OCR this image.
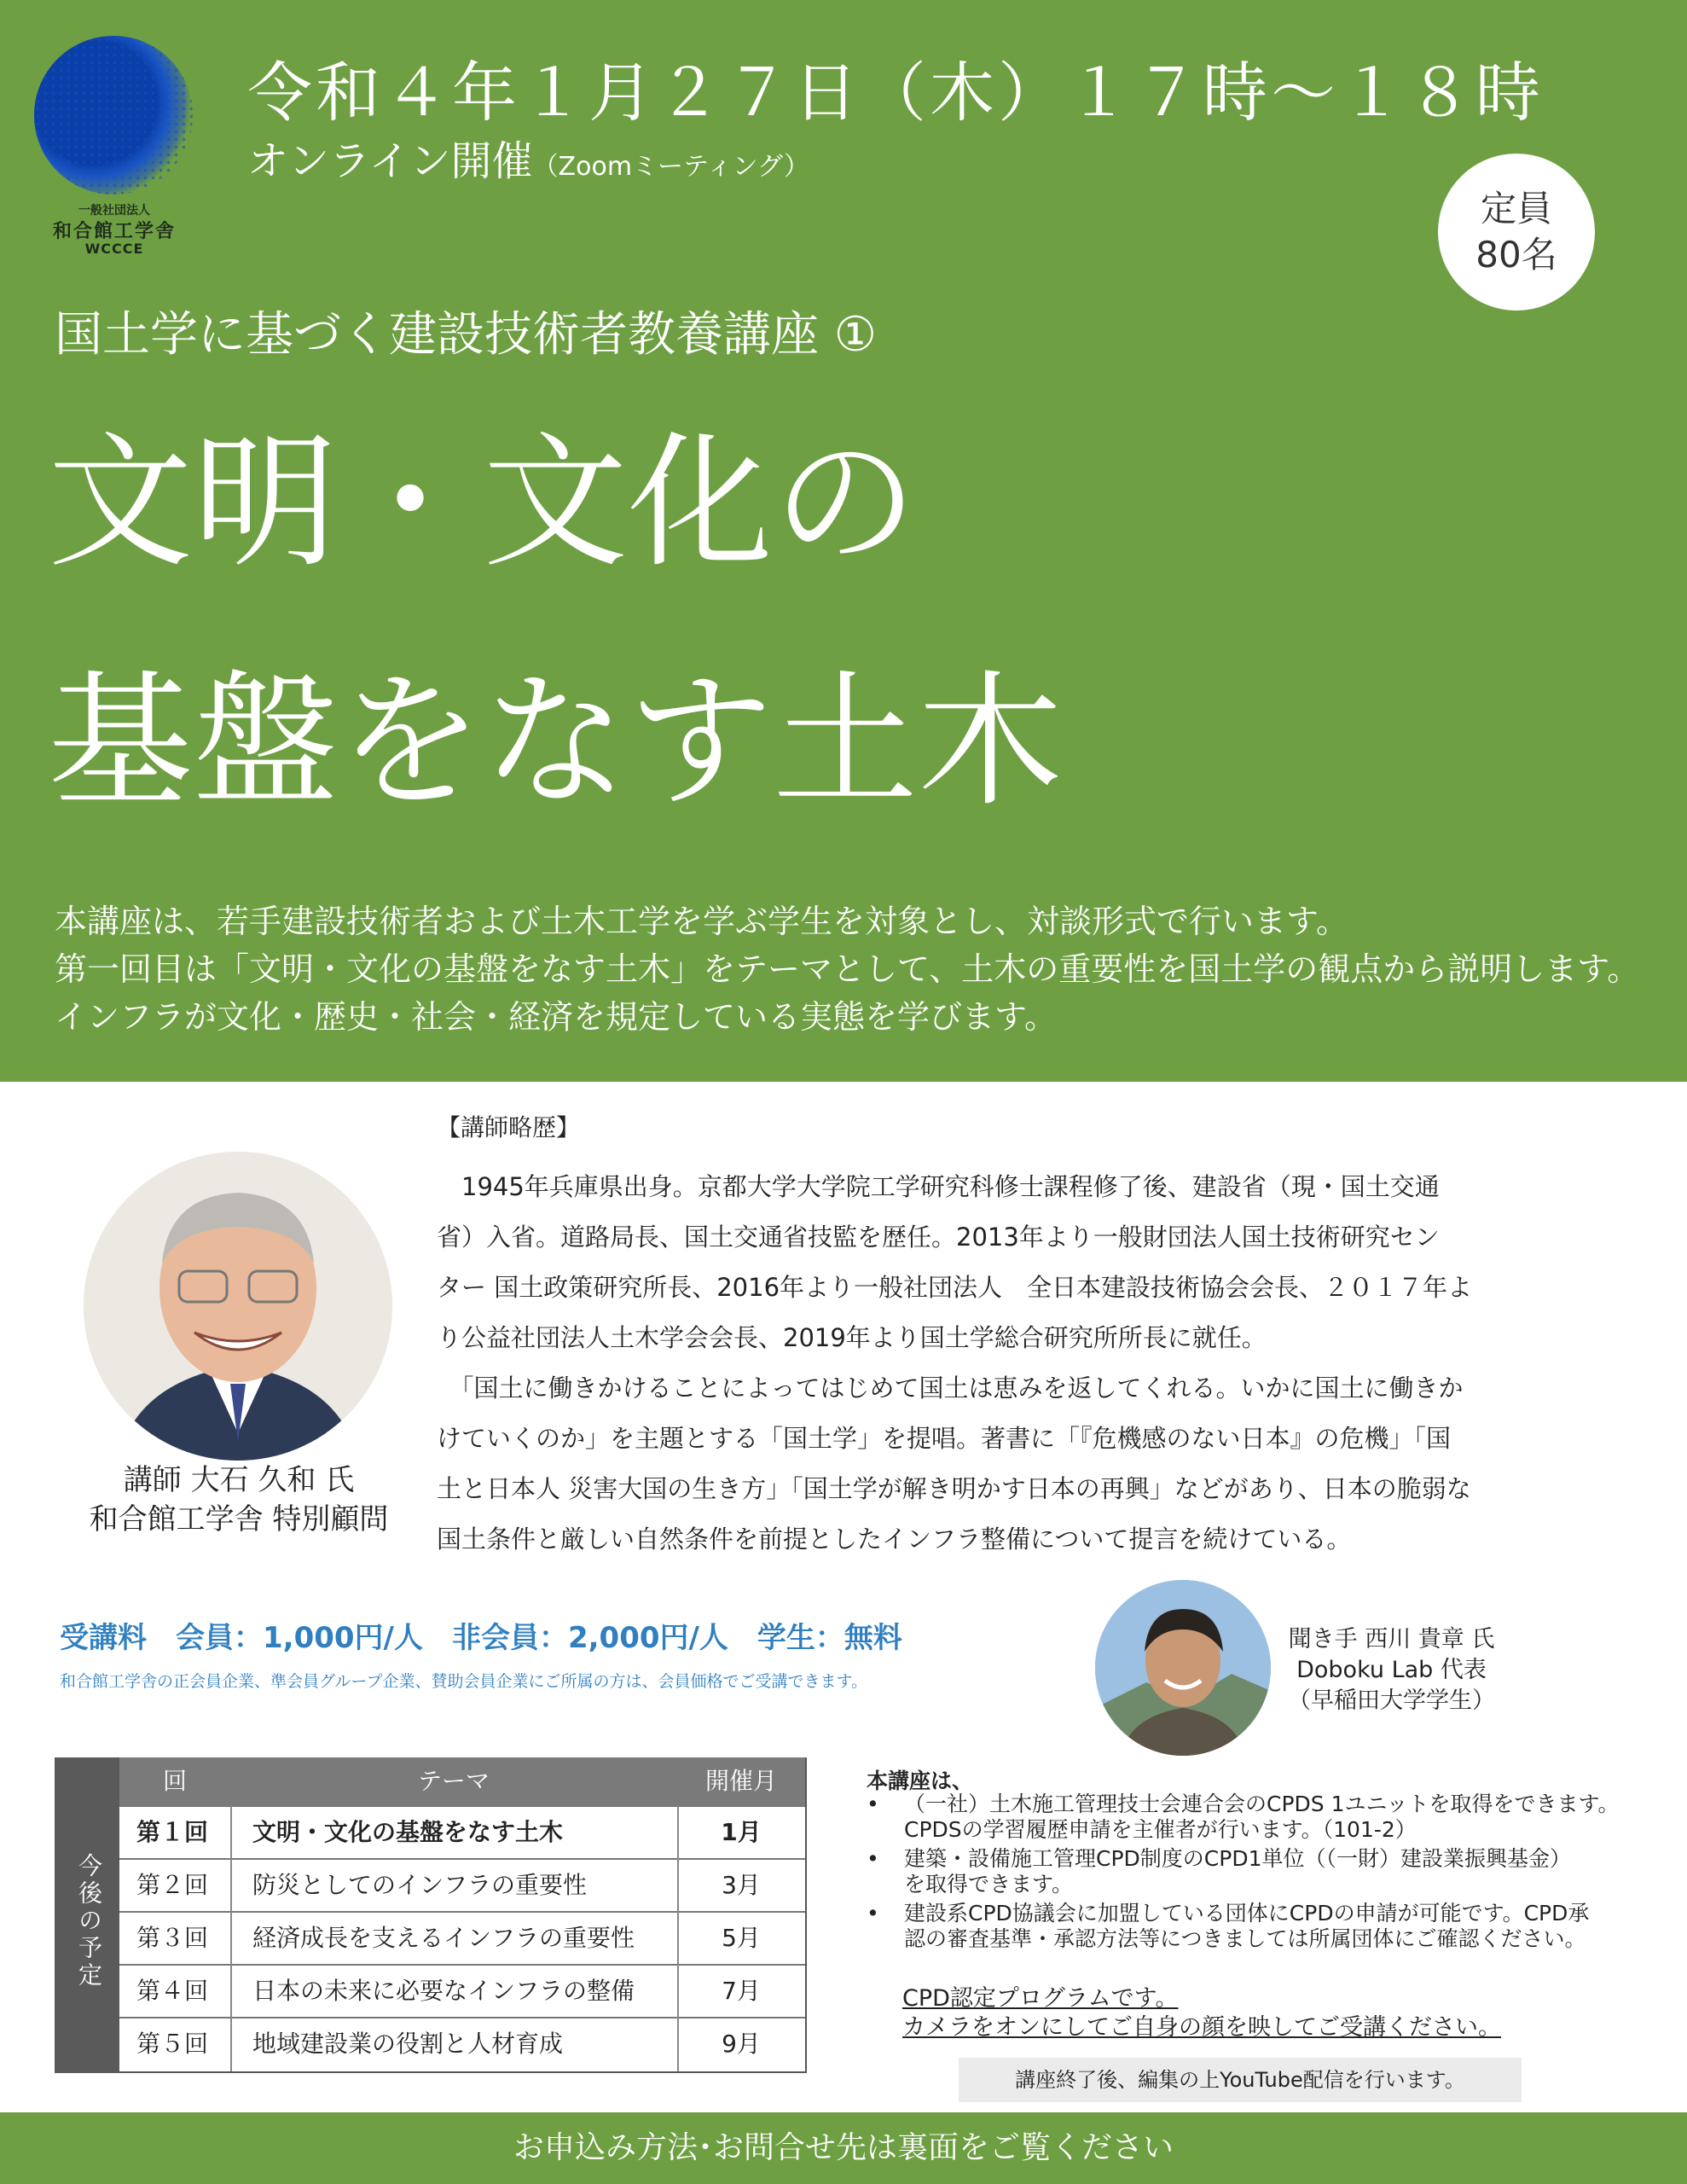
一般社団法人
和合館工学舎
WCCCE
令和４年１月２７日（木）１７時〜１８時
オンライン開催（Zoomミーティング）
定員
80名
国土学に基づく建設技術者教養講座 ①
文明・文化の
基盤をなす土木
本講座は、若手建設技術者および土木工学を学ぶ学生を対象とし、対談形式で行います。
第一回目は「文明・文化の基盤をなす土木」をテーマとして、土木の重要性を国土学の観点から説明します。
インフラが文化・歴史・社会・経済を規定している実態を学びます。
講師 大石 久和 氏
和合館工学舎 特別顧問
【講師略歴】
　1945年兵庫県出身。京都大学大学院工学研究科修士課程修了後、建設省（現・国土交通
省）入省。道路局長、国土交通省技監を歴任。2013年より一般財団法人国土技術研究セン
ター 国土政策研究所長、2016年より一般社団法人　全日本建設技術協会会長、２０１７年よ
り公益社団法人土木学会会長、2019年より国土学総合研究所所長に就任。
　「国土に働きかけることによってはじめて国土は恵みを返してくれる。いかに国土に働きか
けていくのか」を主題とする「国土学」を提唱。著書に「『危機感のない日本』の危機」「国
土と日本人 災害大国の生き方」「国土学が解き明かす日本の再興」などがあり、日本の脆弱な
国土条件と厳しい自然条件を前提としたインフラ整備について提言を続けている。
受講料　会員：1,000円/人　非会員：2,000円/人　学生：無料
和合館工学舎の正会員企業、準会員グループ企業、賛助会員企業にご所属の方は、会員価格でご受講できます。
聞き手 西川 貴章 氏
Doboku Lab 代表
（早稲田大学学生）
今後の予定
回	テーマ	開催月
第１回 文明・文化の基盤をなす土木	1月
第２回 防災としてのインフラの重要性	3月
第３回 経済成長を支えるインフラの重要性	5月
第４回 日本の未来に必要なインフラの整備	7月
第５回 地域建設業の役割と人材育成	9月
本講座は、
• （一社）土木施工管理技士会連合会のCPDS 1ユニットを取得をできます。
CPDSの学習履歴申請を主催者が行います。（101-2）
• 建築・設備施工管理CPD制度のCPD1単位（（一財）建設業振興基金）
を取得できます。
• 建設系CPD協議会に加盟している団体にCPDの申請が可能です。CPD承
認の審査基準・承認方法等につきましては所属団体にご確認ください。
CPD認定プログラムです。
カメラをオンにしてご自身の顔を映してご受講ください。
講座終了後、編集の上YouTube配信を行います。
お申込み方法･お問合せ先は裏面をご覧ください
